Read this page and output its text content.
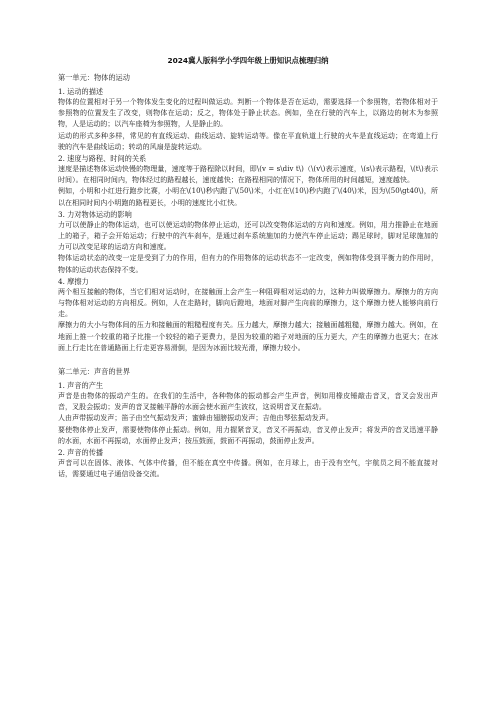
2024冀人版科学小学四年级上册知识点梳理归纳
第一单元：物体的运动
1. 运动的描述
物体的位置相对于另一个物体发生变化的过程叫做运动。判断一个物体是否在运动，需要选择一个参照物，若物体相对于参照物的位置发生了改变，则物体在运动；反之，物体处于静止状态。例如，坐在行驶的汽车上，以路边的树木为参照物，人是运动的；以汽车座椅为参照物，人是静止的。
运动的形式多种多样，常见的有直线运动、曲线运动、旋转运动等。像在平直轨道上行驶的火车是直线运动；在弯道上行驶的汽车是曲线运动；转动的风扇是旋转运动。
2. 速度与路程、时间的关系
速度是描述物体运动快慢的物理量，速度等于路程除以时间，即\(v = s\div t\)（\(v\)表示速度，\(s\)表示路程，\(t\)表示时间）。在相同时间内，物体经过的路程越长，速度越快；在路程相同的情况下，物体所用的时间越短，速度越快。
例如，小明和小红进行跑步比赛，小明在\(10\)秒内跑了\(50\)米，小红在\(10\)秒内跑了\(40\)米，因为\(50\gt40\)，所以在相同时间内小明跑的路程更长，小明的速度比小红快。
3. 力对物体运动的影响
力可以使静止的物体运动，也可以使运动的物体停止运动，还可以改变物体运动的方向和速度。例如，用力推静止在地面上的箱子，箱子会开始运动；行驶中的汽车刹车，是通过刹车系统施加的力使汽车停止运动；踢足球时，脚对足球施加的力可以改变足球的运动方向和速度。
物体运动状态的改变一定是受到了力的作用，但有力的作用物体的运动状态不一定改变，例如物体受到平衡力的作用时，物体的运动状态保持不变。
4. 摩擦力
两个相互接触的物体，当它们相对运动时，在接触面上会产生一种阻碍相对运动的力，这种力叫做摩擦力。摩擦力的方向与物体相对运动的方向相反。例如，人在走路时，脚向后蹬地，地面对脚产生向前的摩擦力，这个摩擦力使人能够向前行走。
摩擦力的大小与物体间的压力和接触面的粗糙程度有关。压力越大，摩擦力越大；接触面越粗糙，摩擦力越大。例如，在地面上推一个较重的箱子比推一个较轻的箱子更费力，是因为较重的箱子对地面的压力更大，产生的摩擦力也更大；在冰面上行走比在普通路面上行走更容易滑倒，是因为冰面比较光滑，摩擦力较小。
第二单元：声音的世界
1. 声音的产生
声音是由物体的振动产生的。在我们的生活中，各种物体的振动都会产生声音，例如用橡皮锤敲击音叉，音叉会发出声音，叉股会振动；发声的音叉接触平静的水面会使水面产生波纹，这说明音叉在振动。
人由声带振动发声；笛子由空气振动发声；蜜蜂由翅膀振动发声；吉他由琴弦振动发声。
要使物体停止发声，需要使物体停止振动。例如，用力握紧音叉，音叉不再振动，音叉停止发声；将发声的音叉迅速平静的水面，水面不再振动，水面停止发声；按压鼓面，鼓面不再振动，鼓面停止发声。
2. 声音的传播
声音可以在固体、液体、气体中传播，但不能在真空中传播。例如，在月球上，由于没有空气，宇航员之间不能直接对话，需要通过电子通信设备交流。
